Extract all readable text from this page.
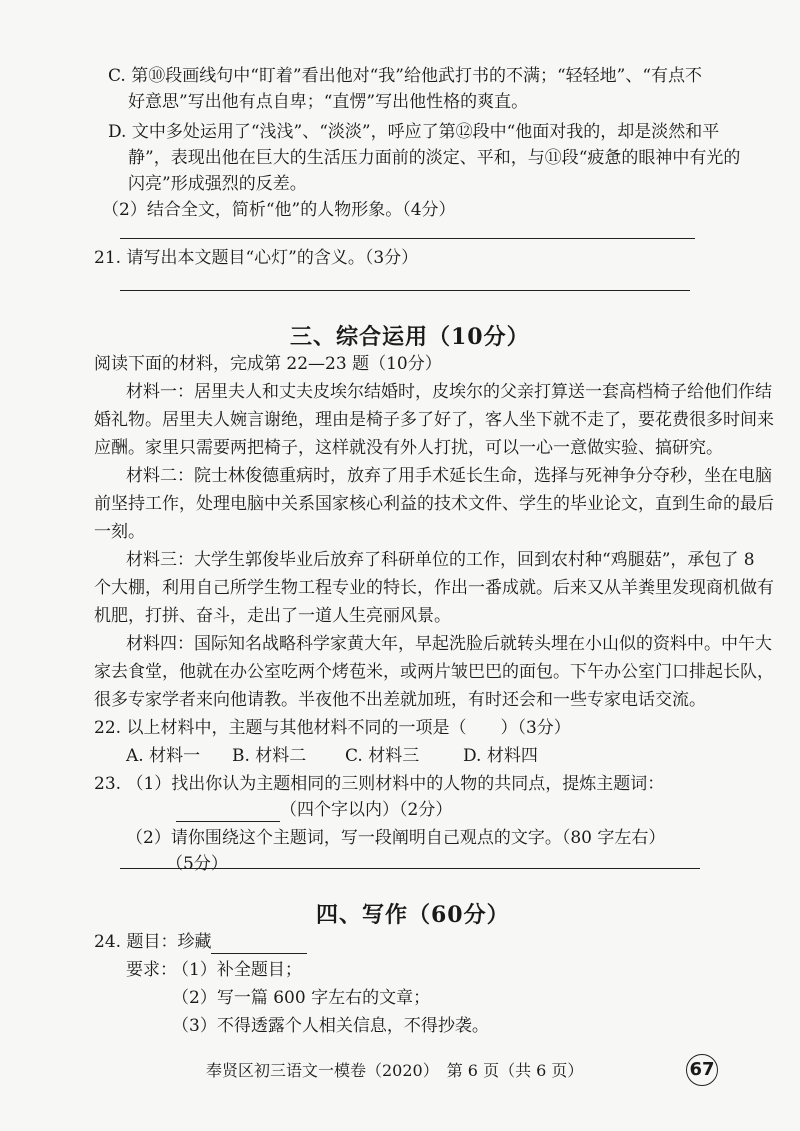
C. 第⑩段画线句中“盯着”看出他对“我”给他武打书的不满；“轻轻地”、“有点不
好意思”写出他有点自卑；“直愣”写出他性格的爽直。
D. 文中多处运用了“浅浅”、“淡淡”，呼应了第⑫段中“他面对我的，却是淡然和平
静”，表现出他在巨大的生活压力面前的淡定、平和，与⑪段“疲惫的眼神中有光的
闪亮”形成强烈的反差。
（2）结合全文，简析“他”的人物形象。（4分）
21. 请写出本文题目“心灯”的含义。（3分）
三、综合运用（10分）
阅读下面的材料，完成第 22—23 题（10分）
材料一：居里夫人和丈夫皮埃尔结婚时，皮埃尔的父亲打算送一套高档椅子给他们作结
婚礼物。居里夫人婉言谢绝，理由是椅子多了好了，客人坐下就不走了，要花费很多时间来
应酬。家里只需要两把椅子，这样就没有外人打扰，可以一心一意做实验、搞研究。
材料二：院士林俊德重病时，放弃了用手术延长生命，选择与死神争分夺秒，坐在电脑
前坚持工作，处理电脑中关系国家核心利益的技术文件、学生的毕业论文，直到生命的最后
一刻。
材料三：大学生郭俊毕业后放弃了科研单位的工作，回到农村种“鸡腿菇”，承包了 8
个大棚，利用自己所学生物工程专业的特长，作出一番成就。后来又从羊粪里发现商机做有
机肥，打拼、奋斗，走出了一道人生亮丽风景。
材料四：国际知名战略科学家黄大年，早起洗脸后就转头埋在小山似的资料中。中午大
家去食堂，他就在办公室吃两个烤苞米，或两片皱巴巴的面包。下午办公室门口排起长队，
很多专家学者来向他请教。半夜他不出差就加班，有时还会和一些专家电话交流。
22. 以上材料中，主题与其他材料不同的一项是（　　）（3分）
A. 材料一 B. 材料二 C. 材料三	D. 材料四
23. （1）找出你认为主题相同的三则材料中的人物的共同点，提炼主题词：
（四个字以内）（2分）
（2）请你围绕这个主题词，写一段阐明自己观点的文字。（80 字左右）
（5分）
四、写作（60分）
24. 题目：珍藏
要求：
（1）补全题目；
（2）写一篇 600 字左右的文章；
（3）不得透露个人相关信息，不得抄袭。
奉贤区初三语文一模卷（2020）　第 6 页（共 6 页）	67
